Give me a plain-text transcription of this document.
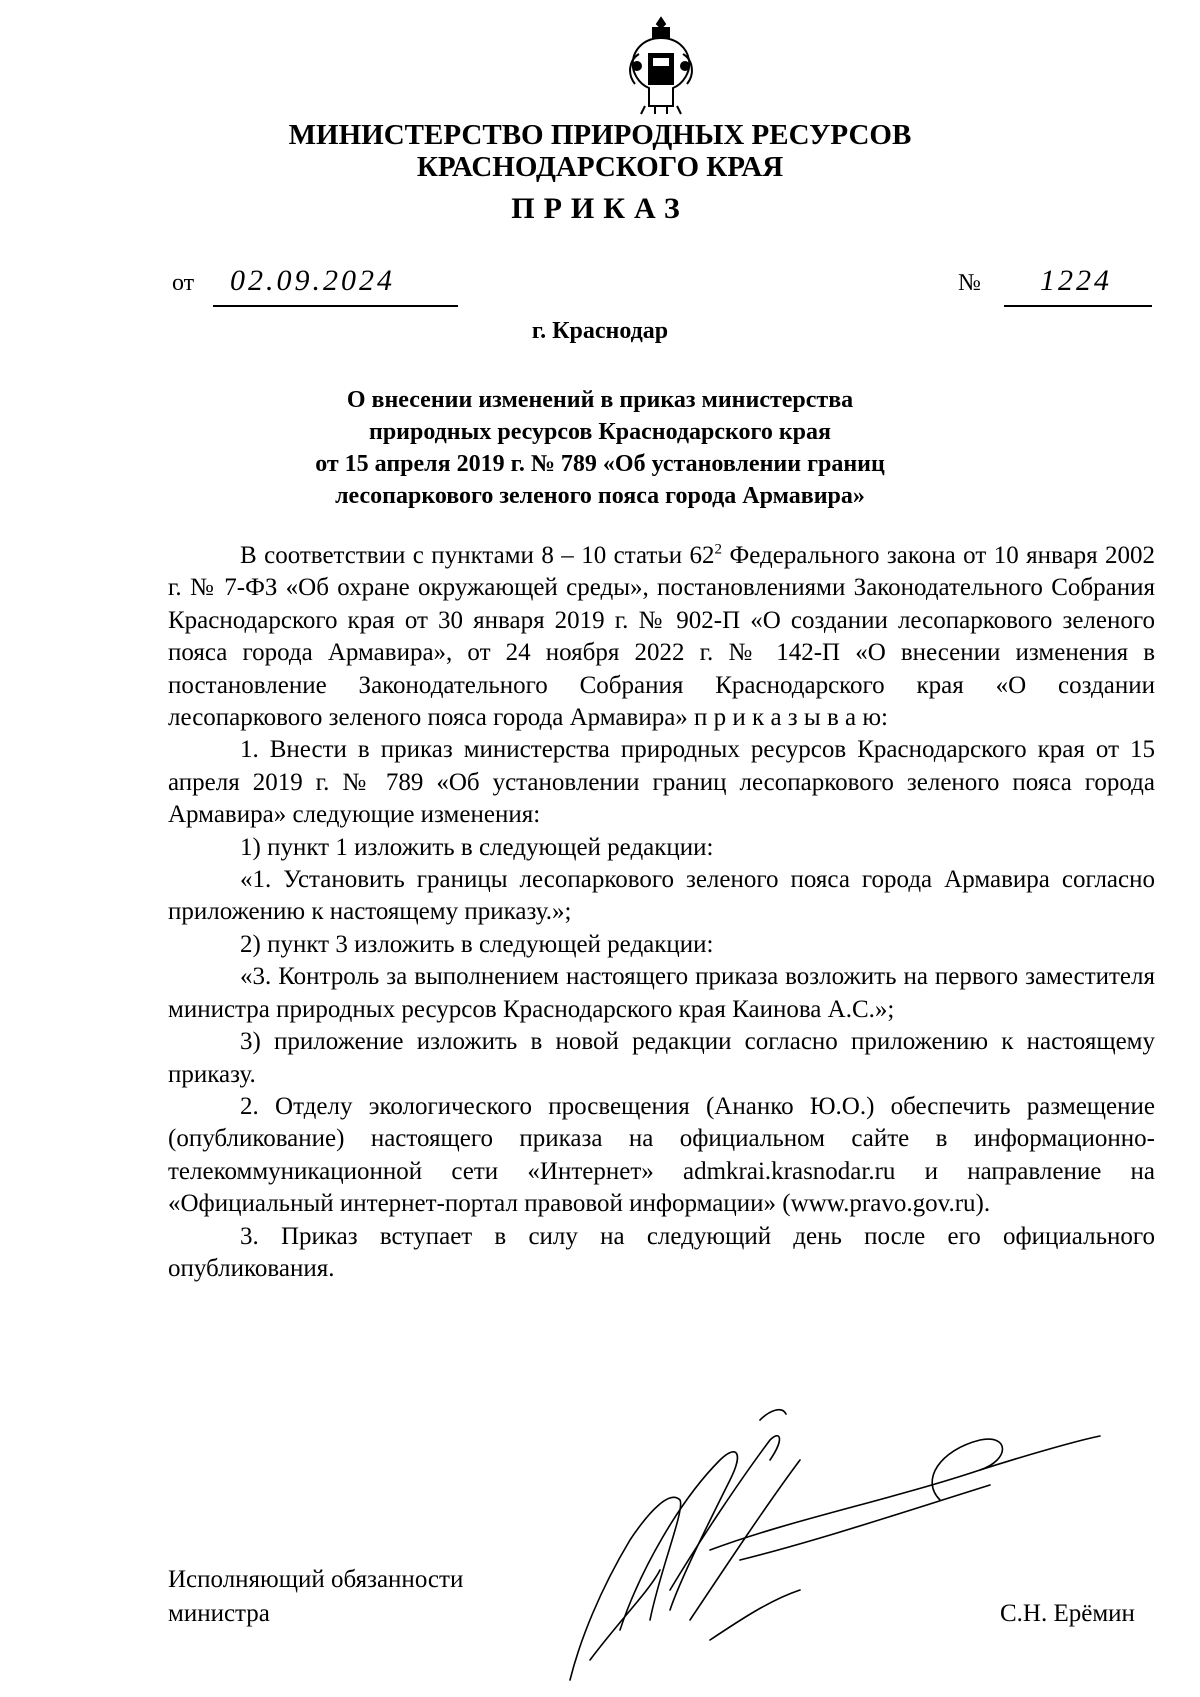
МИНИСТЕРСТВО ПРИРОДНЫХ РЕСУРСОВ
КРАСНОДАРСКОГО КРАЯ
ПРИКАЗ
от 02.09.2024	№ 1224
г. Краснодар
О внесении изменений в приказ министерства
природных ресурсов Краснодарского края
от 15 апреля 2019 г. № 789 «Об установлении границ
лесопаркового зеленого пояса города Армавира»

В соответствии с пунктами 8 – 10 статьи $62^2$ Федерального закона от 10 января 2002 г. № 7-ФЗ «Об охране окружающей среды», постановлениями Законодательного Собрания Краснодарского края от 30 января 2019 г. № 902-П «О создании лесопаркового зеленого пояса города Армавира», от 24 ноября 2022 г. № 142-П «О внесении изменения в постановление Законодательного Собрания Краснодарского края «О создании лесопаркового зеленого пояса города Армавира» п р и к а з ы в а ю:

1. Внести в приказ министерства природных ресурсов Краснодарского края от 15 апреля 2019 г. № 789 «Об установлении границ лесопаркового зеленого пояса города Армавира» следующие изменения:

1) пункт 1 изложить в следующей редакции:

«1. Установить границы лесопаркового зеленого пояса города Армавира согласно приложению к настоящему приказу.»;

2) пункт 3 изложить в следующей редакции:

«3. Контроль за выполнением настоящего приказа возложить на первого заместителя министра природных ресурсов Краснодарского края Каинова А.С.»;

3) приложение изложить в новой редакции согласно приложению к настоящему приказу.

2. Отделу экологического просвещения (Ананко Ю.О.) обеспечить размещение (опубликование) настоящего приказа на официальном сайте в информационно-телекоммуникационной сети «Интернет» admkrai.krasnodar.ru и направление на «Официальный интернет-портал правовой информации» (www.pravo.gov.ru).

3. Приказ вступает в силу на следующий день после его официального опубликования.

Исполняющий обязанности
министра	С.Н. Ерёмин
